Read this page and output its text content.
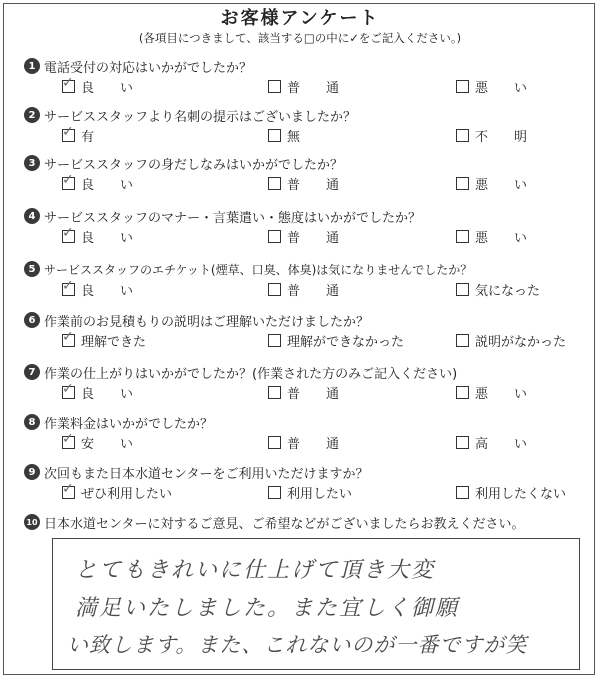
お客様アンケート
(各項目につきまして、該当する□の中に✓をご記入ください。)
1 電話受付の対応はいかがでしたか？
✓ 良　　い	普　　通	悪　　い
2 サービススタッフより名刺の提示はございましたか？
✓ 有	無	不　　明
3 サービススタッフの身だしなみはいかがでしたか？
✓ 良　　い	普　　通	悪　　い
4 サービススタッフのマナー・言葉遣い・態度はいかがでしたか？
✓ 良　　い	普　　通	悪　　い
5 サービススタッフのエチケット(煙草、口臭、体臭)は気になりませんでしたか？
✓ 良　　い	普　　通	気になった
6 作業前のお見積もりの説明はご理解いただけましたか？
✓ 理解できた	理解ができなかった	説明がなかった
7 作業の仕上がりはいかがでしたか？(作業された方のみご記入ください)
✓ 良　　い	普　　通	悪　　い
8 作業料金はいかがでしたか？
✓ 安　　い	普　　通	高　　い
9 次回もまた日本水道センターをご利用いただけますか？
✓ ぜひ利用したい	利用したい	利用したくない
10 日本水道センターに対するご意見、ご希望などがございましたらお教えください。
とてもきれいに仕上げて頂き大変
満足いたしました。また宜しく御願
い致します。また、これないのが一番ですが笑
